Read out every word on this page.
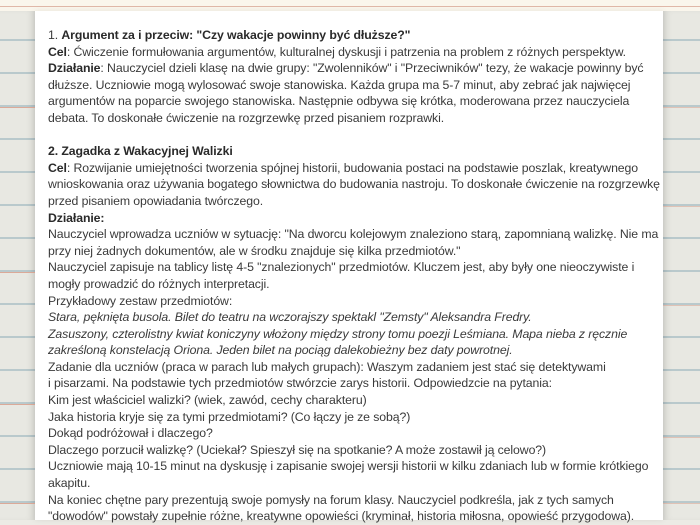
1. Argument za i przeciw: "Czy wakacje powinny być dłuższe?"

Cel: Ćwiczenie formułowania argumentów, kulturalnej dyskusji i patrzenia na problem z różnych perspektyw.

Działanie: Nauczyciel dzieli klasę na dwie grupy: "Zwolenników" i "Przeciwników" tezy, że wakacje powinny być dłuższe. Uczniowie mogą wylosować swoje stanowiska. Każda grupa ma 5-7 minut, aby zebrać jak najwięcej argumentów na poparcie swojego stanowiska. Następnie odbywa się krótka, moderowana przez nauczyciela debata. To doskonałe ćwiczenie na rozgrzewkę przed pisaniem rozprawki.

2. Zagadka z Wakacyjnej Walizki

Cel: Rozwijanie umiejętności tworzenia spójnej historii, budowania postaci na podstawie poszlak, kreatywnego wnioskowania oraz używania bogatego słownictwa do budowania nastroju. To doskonałe ćwiczenie na rozgrzewkę przed pisaniem opowiadania twórczego.

Działanie:

Nauczyciel wprowadza uczniów w sytuację: "Na dworcu kolejowym znaleziono starą, zapomnianą walizkę. Nie ma przy niej żadnych dokumentów, ale w środku znajduje się kilka przedmiotów."

Nauczyciel zapisuje na tablicy listę 4-5 "znalezionych" przedmiotów. Kluczem jest, aby były one nieoczywiste i mogły prowadzić do różnych interpretacji.

Przykładowy zestaw przedmiotów:

Stara, pęknięta busola. Bilet do teatru na wczorajszy spektakl "Zemsty" Aleksandra Fredry.

Zasuszony, czterolistny kwiat koniczyny włożony między strony tomu poezji Leśmiana. Mapa nieba z ręcznie zakreśloną konstelacją Oriona. Jeden bilet na pociąg dalekobieżny bez daty powrotnej.

Zadanie dla uczniów (praca w parach lub małych grupach): Waszym zadaniem jest stać się detektywami

i pisarzami. Na podstawie tych przedmiotów stwórzcie zarys historii. Odpowiedzcie na pytania:

Kim jest właściciel walizki? (wiek, zawód, cechy charakteru)

Jaka historia kryje się za tymi przedmiotami? (Co łączy je ze sobą?)

Dokąd podróżował i dlaczego?

Dlaczego porzucił walizkę? (Uciekał? Spieszył się na spotkanie? A może zostawił ją celowo?)

Uczniowie mają 10-15 minut na dyskusję i zapisanie swojej wersji historii w kilku zdaniach lub w formie krótkiego akapitu.

Na koniec chętne pary prezentują swoje pomysły na forum klasy. Nauczyciel podkreśla, jak z tych samych "dowodów" powstały zupełnie różne, kreatywne opowieści (kryminał, historia miłosna, opowieść przygodowa).
